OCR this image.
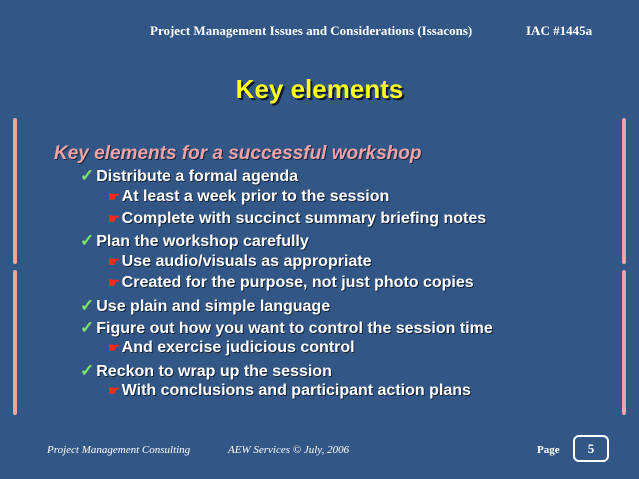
Project Management Issues and Considerations (Issacons)	IAC #1445a
Key elements
Key elements for a successful workshop
✓ Distribute a formal agenda
☛ At least a week prior to the session
☛ Complete with succinct summary briefing notes
✓ Plan the workshop carefully
☛ Use audio/visuals as appropriate
☛ Created for the purpose, not just photo copies
✓ Use plain and simple language
✓ Figure out how you want to control the session time
☛ And exercise judicious control
✓ Reckon to wrap up the session
☛ With conclusions and participant action plans
Project Management Consulting	AEW Services © July, 2006	Page	5
